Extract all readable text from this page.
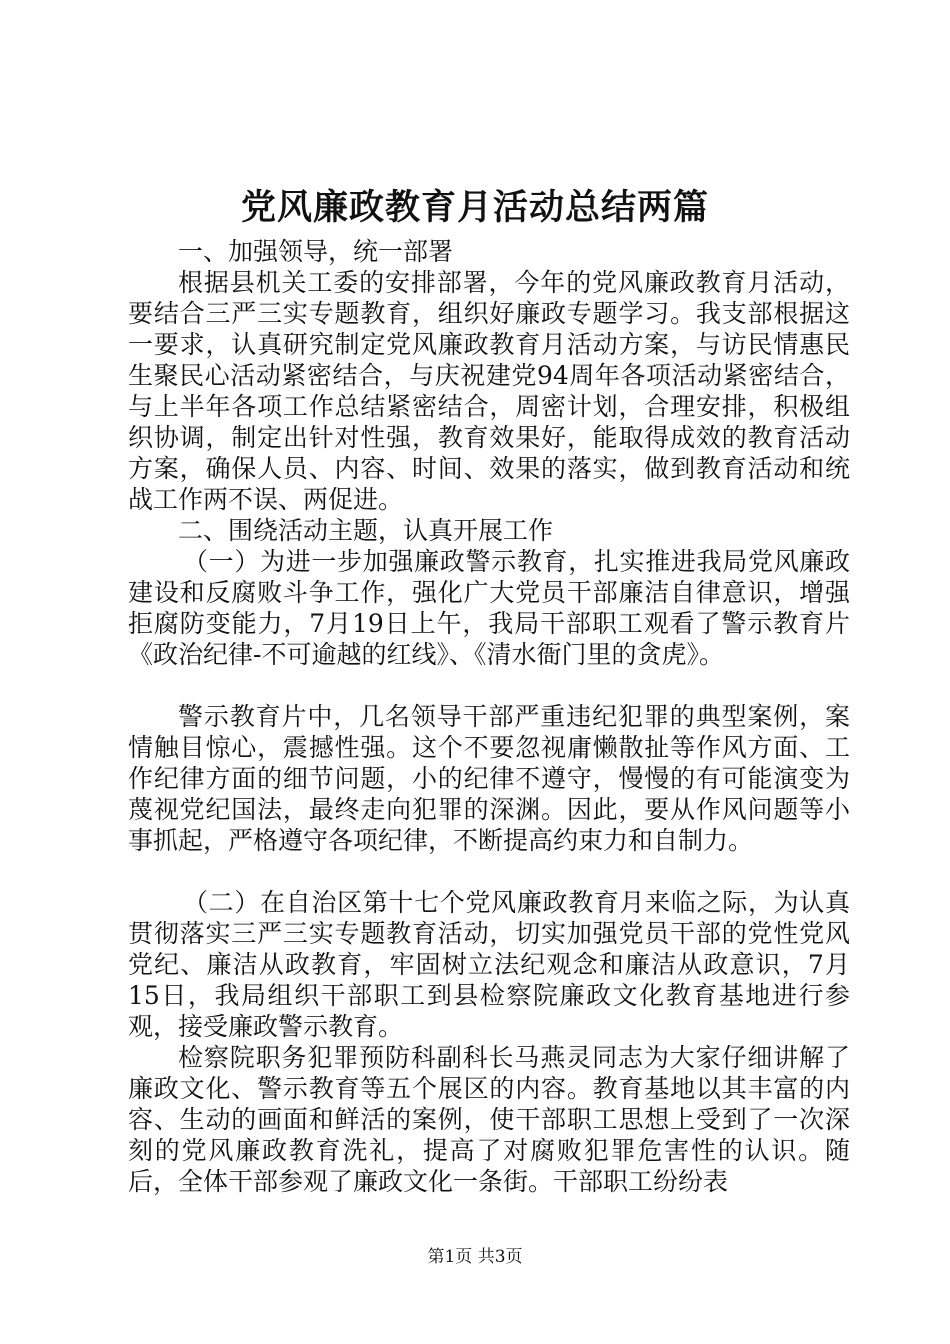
党风廉政教育月活动总结两篇

一、加强领导，统一部署

根据县机关工委的安排部署，今年的党风廉政教育月活动，要结合三严三实专题教育，组织好廉政专题学习。我支部根据这一要求，认真研究制定党风廉政教育月活动方案，与访民情惠民生聚民心活动紧密结合，与庆祝建党94周年各项活动紧密结合，与上半年各项工作总结紧密结合，周密计划，合理安排，积极组织协调，制定出针对性强，教育效果好，能取得成效的教育活动方案，确保人员、内容、时间、效果的落实，做到教育活动和统战工作两不误、两促进。

二、围绕活动主题，认真开展工作

（一）为进一步加强廉政警示教育，扎实推进我局党风廉政建设和反腐败斗争工作，强化广大党员干部廉洁自律意识，增强拒腐防变能力，7月19日上午，我局干部职工观看了警示教育片《政治纪律-不可逾越的红线》、《清水衙门里的贪虎》。

警示教育片中，几名领导干部严重违纪犯罪的典型案例，案情触目惊心，震撼性强。这个不要忽视庸懒散扯等作风方面、工作纪律方面的细节问题，小的纪律不遵守，慢慢的有可能演变为蔑视党纪国法，最终走向犯罪的深渊。因此，要从作风问题等小事抓起，严格遵守各项纪律，不断提高约束力和自制力。

（二）在自治区第十七个党风廉政教育月来临之际，为认真贯彻落实三严三实专题教育活动，切实加强党员干部的党性党风党纪、廉洁从政教育，牢固树立法纪观念和廉洁从政意识，7月15日，我局组织干部职工到县检察院廉政文化教育基地进行参观，接受廉政警示教育。

检察院职务犯罪预防科副科长马燕灵同志为大家仔细讲解了廉政文化、警示教育等五个展区的内容。教育基地以其丰富的内容、生动的画面和鲜活的案例，使干部职工思想上受到了一次深刻的党风廉政教育洗礼，提高了对腐败犯罪危害性的认识。随后，全体干部参观了廉政文化一条街。干部职工纷纷表

第1页 共3页
